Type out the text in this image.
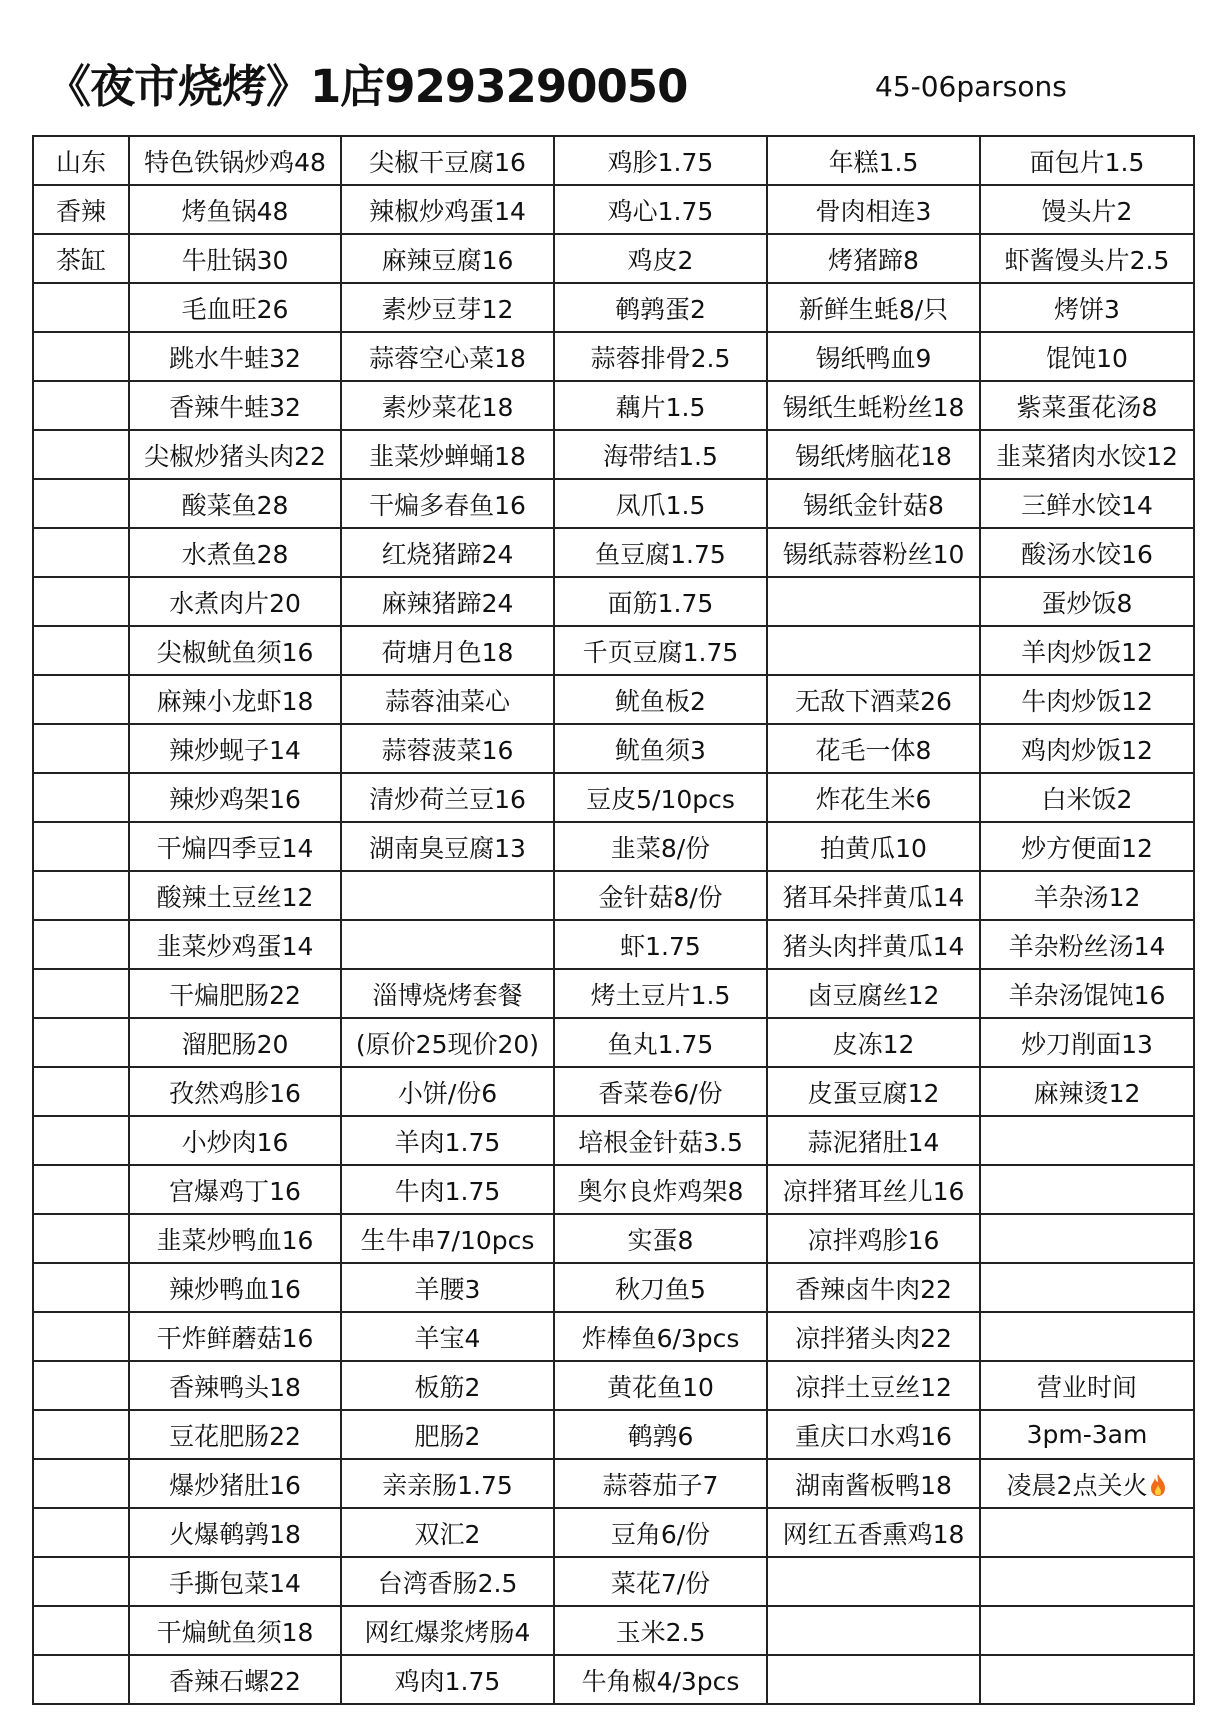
《夜市烧烤》1店9293290050	45-06parsons
山东	特色铁锅炒鸡48	尖椒干豆腐16	鸡胗1.75	年糕1.5	面包片1.5
香辣	烤鱼锅48	辣椒炒鸡蛋14	鸡心1.75	骨肉相连3	馒头片2
茶缸	牛肚锅30	麻辣豆腐16	鸡皮2	烤猪蹄8	虾酱馒头片2.5
	毛血旺26	素炒豆芽12	鹌鹑蛋2	新鲜生蚝8/只	烤饼3
	跳水牛蛙32	蒜蓉空心菜18	蒜蓉排骨2.5	锡纸鸭血9	馄饨10
	香辣牛蛙32	素炒菜花18	藕片1.5	锡纸生蚝粉丝18	紫菜蛋花汤8
	尖椒炒猪头肉22	韭菜炒蝉蛹18	海带结1.5	锡纸烤脑花18	韭菜猪肉水饺12
	酸菜鱼28	干煸多春鱼16	凤爪1.5	锡纸金针菇8	三鲜水饺14
	水煮鱼28	红烧猪蹄24	鱼豆腐1.75	锡纸蒜蓉粉丝10	酸汤水饺16
	水煮肉片20	麻辣猪蹄24	面筋1.75		蛋炒饭8
	尖椒鱿鱼须16	荷塘月色18	千页豆腐1.75		羊肉炒饭12
	麻辣小龙虾18	蒜蓉油菜心	鱿鱼板2	无敌下酒菜26	牛肉炒饭12
	辣炒蚬子14	蒜蓉菠菜16	鱿鱼须3	花毛一体8	鸡肉炒饭12
	辣炒鸡架16	清炒荷兰豆16	豆皮5/10pcs	炸花生米6	白米饭2
	干煸四季豆14	湖南臭豆腐13	韭菜8/份	拍黄瓜10	炒方便面12
	酸辣土豆丝12		金针菇8/份	猪耳朵拌黄瓜14	羊杂汤12
	韭菜炒鸡蛋14		虾1.75	猪头肉拌黄瓜14	羊杂粉丝汤14
	干煸肥肠22	淄博烧烤套餐	烤土豆片1.5	卤豆腐丝12	羊杂汤馄饨16
	溜肥肠20	(原价25现价20)	鱼丸1.75	皮冻12	炒刀削面13
	孜然鸡胗16	小饼/份6	香菜卷6/份	皮蛋豆腐12	麻辣烫12
	小炒肉16	羊肉1.75	培根金针菇3.5	蒜泥猪肚14	
	宫爆鸡丁16	牛肉1.75	奥尔良炸鸡架8	凉拌猪耳丝儿16	
	韭菜炒鸭血16	生牛串7/10pcs	实蛋8	凉拌鸡胗16	
	辣炒鸭血16	羊腰3	秋刀鱼5	香辣卤牛肉22	
	干炸鲜蘑菇16	羊宝4	炸棒鱼6/3pcs	凉拌猪头肉22	
	香辣鸭头18	板筋2	黄花鱼10	凉拌土豆丝12	营业时间
	豆花肥肠22	肥肠2	鹌鹑6	重庆口水鸡16	3pm-3am
	爆炒猪肚16	亲亲肠1.75	蒜蓉茄子7	湖南酱板鸭18	凌晨2点关火
	火爆鹌鹑18	双汇2	豆角6/份	网红五香熏鸡18	
	手撕包菜14	台湾香肠2.5	菜花7/份		
	干煸鱿鱼须18	网红爆浆烤肠4	玉米2.5		
	香辣石螺22	鸡肉1.75	牛角椒4/3pcs		
